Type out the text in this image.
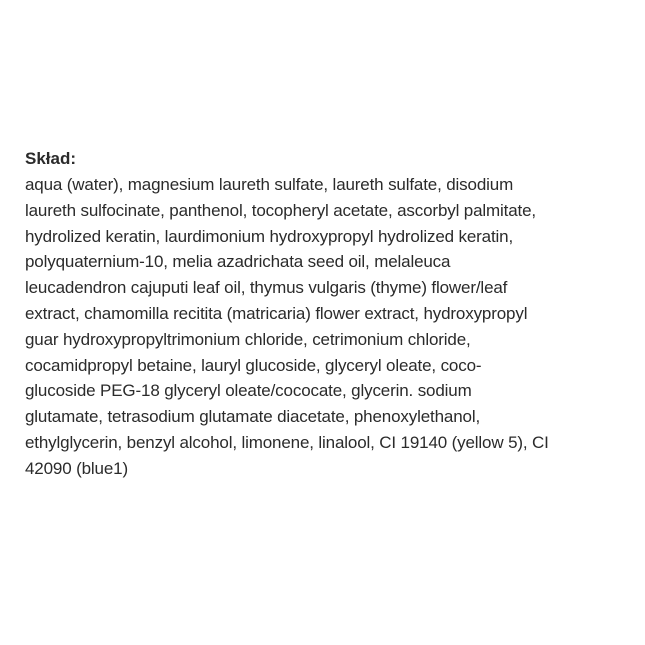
Skład:

aqua (water), magnesium laureth sulfate, laureth sulfate, disodium
laureth sulfocinate, panthenol, tocopheryl acetate, ascorbyl palmitate,
hydrolized keratin, laurdimonium hydroxypropyl hydrolized keratin,
polyquaternium-10, melia azadrichata seed oil, melaleuca
leucadendron cajuputi leaf oil, thymus vulgaris (thyme) flower/leaf
extract, chamomilla recitita (matricaria) flower extract, hydroxypropyl
guar hydroxypropyltrimonium chloride, cetrimonium chloride,
cocamidpropyl betaine, lauryl glucoside, glyceryl oleate, coco-
glucoside PEG-18 glyceryl oleate/cococate, glycerin. sodium
glutamate, tetrasodium glutamate diacetate, phenoxylethanol,
ethylglycerin, benzyl alcohol, limonene, linalool, CI 19140 (yellow 5), CI
42090 (blue1)
